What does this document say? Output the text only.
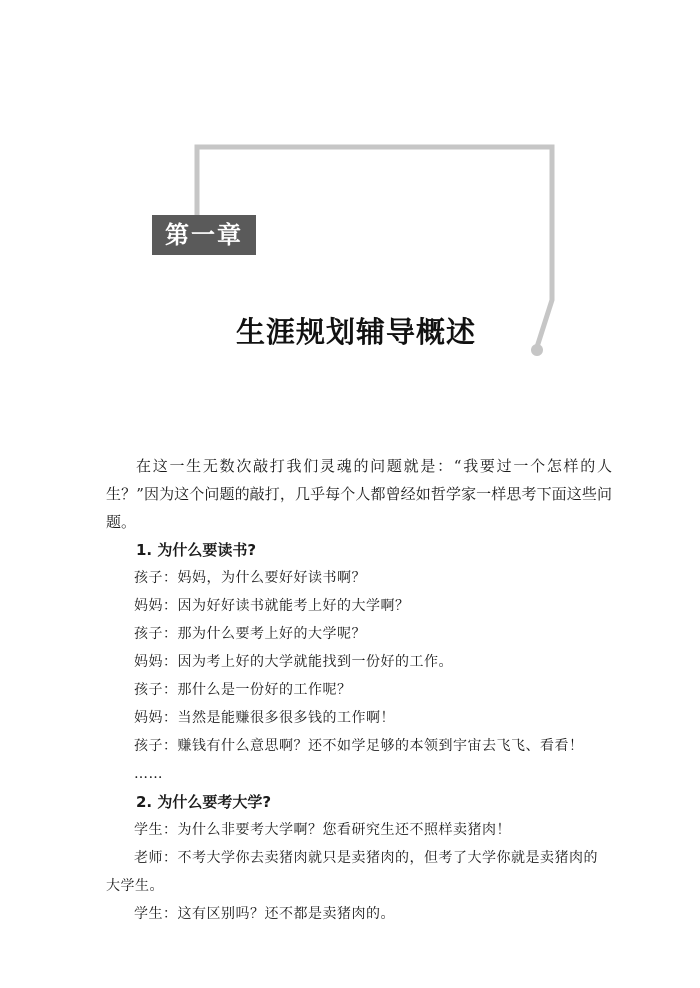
第一章
生涯规划辅导概述

在这一生无数次敲打我们灵魂的问题就是：“我要过一个怎样的人生？”因为这个问题的敲打，几乎每个人都曾经如哲学家一样思考下面这些问题。

1. 为什么要读书?

孩子：妈妈，为什么要好好读书啊？

妈妈：因为好好读书就能考上好的大学啊？

孩子：那为什么要考上好的大学呢？

妈妈：因为考上好的大学就能找到一份好的工作。

孩子：那什么是一份好的工作呢？

妈妈：当然是能赚很多很多钱的工作啊！

孩子：赚钱有什么意思啊？还不如学足够的本领到宇宙去飞飞、看看！

……

2. 为什么要考大学?

学生：为什么非要考大学啊？您看研究生还不照样卖猪肉！

老师：不考大学你去卖猪肉就只是卖猪肉的，但考了大学你就是卖猪肉的大学生。

学生：这有区别吗？还不都是卖猪肉的。
